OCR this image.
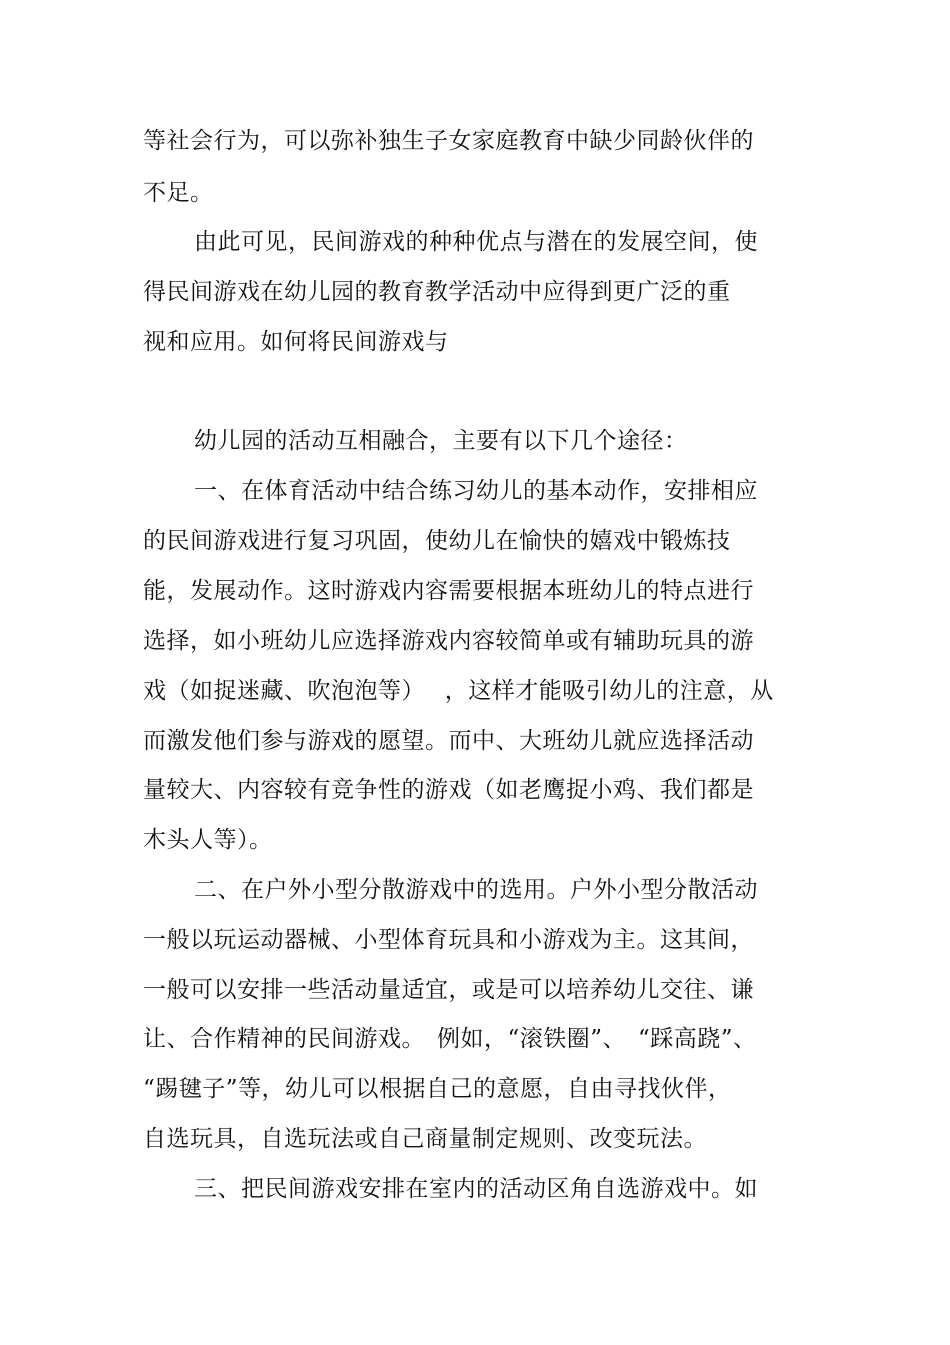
等社会行为，可以弥补独生子女家庭教育中缺少同龄伙伴的
不足。
由此可见，民间游戏的种种优点与潜在的发展空间，使
得民间游戏在幼儿园的教育教学活动中应得到更广泛的重
视和应用。如何将民间游戏与
幼儿园的活动互相融合，主要有以下几个途径：
一、在体育活动中结合练习幼儿的基本动作，安排相应
的民间游戏进行复习巩固，使幼儿在愉快的嬉戏中锻炼技
能，发展动作。这时游戏内容需要根据本班幼儿的特点进行
选择，如小班幼儿应选择游戏内容较简单或有辅助玩具的游
戏（如捉迷藏、吹泡泡等）　 ，这样才能吸引幼儿的注意，从
而激发他们参与游戏的愿望。而中、大班幼儿就应选择活动
量较大、内容较有竞争性的游戏（如老鹰捉小鸡、我们都是
木头人等）。
二、在户外小型分散游戏中的选用。户外小型分散活动
一般以玩运动器械、小型体育玩具和小游戏为主。这其间，
一般可以安排一些活动量适宜，或是可以培养幼儿交往、谦
让、合作精神的民间游戏。　例如，“滚铁圈”、　“踩高跷”、
“踢毽子”等，幼儿可以根据自己的意愿，自由寻找伙伴，
自选玩具，自选玩法或自己商量制定规则、改变玩法。
三、把民间游戏安排在室内的活动区角自选游戏中。如
